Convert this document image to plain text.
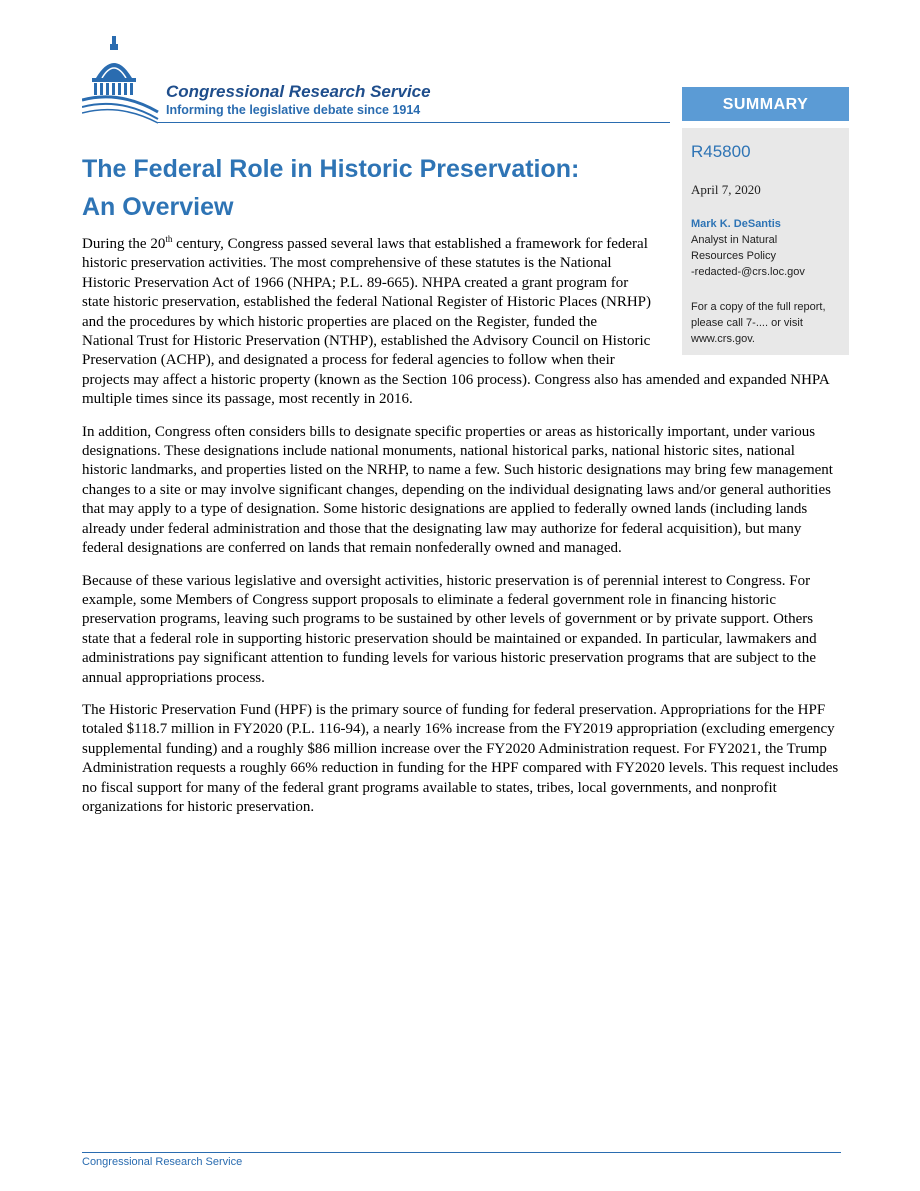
Congressional Research Service
Informing the legislative debate since 1914	SUMMARY
R45800
April 7, 2020
Mark K. DeSantis
Analyst in Natural
Resources Policy
-redacted-@crs.loc.gov
For a copy of the full report,
please call 7-.... or visit
www.crs.gov.
The Federal Role in Historic Preservation:
An Overview

During the 20th century, Congress passed several laws that established a framework for federal historic preservation activities. The most comprehensive of these statutes is the National Historic Preservation Act of 1966 (NHPA; P.L. 89-665). NHPA created a grant program for state historic preservation, established the federal National Register of Historic Places (NRHP) and the procedures by which historic properties are placed on the Register, funded the National Trust for Historic Preservation (NTHP), established the Advisory Council on Historic Preservation (ACHP), and designated a process for federal agencies to follow when their projects may affect a historic property (known as the Section 106 process). Congress also has amended and expanded NHPA multiple times since its passage, most recently in 2016.

In addition, Congress often considers bills to designate specific properties or areas as historically important, under various designations. These designations include national monuments, national historical parks, national historic sites, national historic landmarks, and properties listed on the NRHP, to name a few. Such historic designations may bring few management changes to a site or may involve significant changes, depending on the individual designating laws and/or general authorities that may apply to a type of designation. Some historic designations are applied to federally owned lands (including lands already under federal administration and those that the designating law may authorize for federal acquisition), but many federal designations are conferred on lands that remain nonfederally owned and managed.

Because of these various legislative and oversight activities, historic preservation is of perennial interest to Congress. For example, some Members of Congress support proposals to eliminate a federal government role in financing historic preservation programs, leaving such programs to be sustained by other levels of government or by private support. Others state that a federal role in supporting historic preservation should be maintained or expanded. In particular, lawmakers and administrations pay significant attention to funding levels for various historic preservation programs that are subject to the annual appropriations process.

The Historic Preservation Fund (HPF) is the primary source of funding for federal preservation. Appropriations for the HPF totaled $118.7 million in FY2020 (P.L. 116-94), a nearly 16% increase from the FY2019 appropriation (excluding emergency supplemental funding) and a roughly $86 million increase over the FY2020 Administration request. For FY2021, the Trump Administration requests a roughly 66% reduction in funding for the HPF compared with FY2020 levels. This request includes no fiscal support for many of the federal grant programs available to states, tribes, local governments, and nonprofit organizations for historic preservation.

Congressional Research Service
